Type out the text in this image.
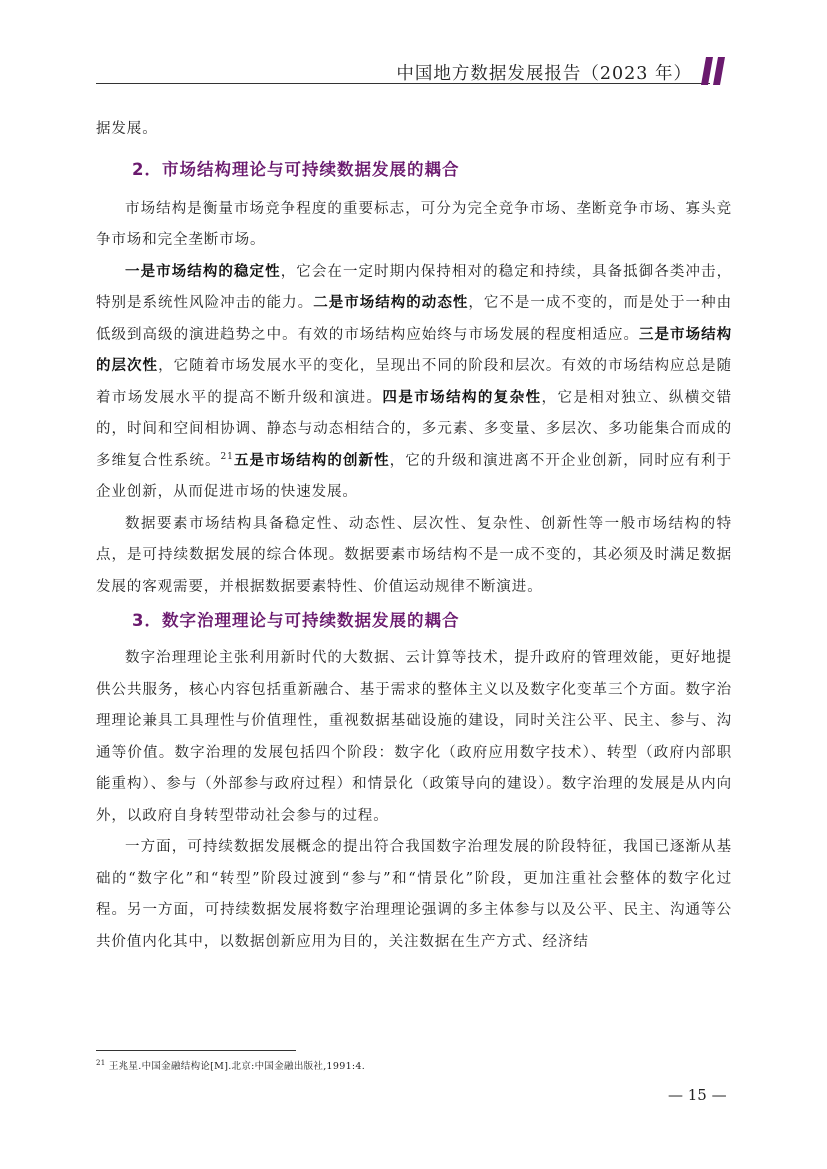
中国地方数据发展报告（2023 年）

据发展。

2．市场结构理论与可持续数据发展的耦合

市场结构是衡量市场竞争程度的重要标志，可分为完全竞争市场、垄断竞争市场、寡头竞争市场和完全垄断市场。

一是市场结构的稳定性，它会在一定时期内保持相对的稳定和持续，具备抵御各类冲击，特别是系统性风险冲击的能力。二是市场结构的动态性，它不是一成不变的，而是处于一种由低级到高级的演进趋势之中。有效的市场结构应始终与市场发展的程度相适应。三是市场结构的层次性，它随着市场发展水平的变化，呈现出不同的阶段和层次。有效的市场结构应总是随着市场发展水平的提高不断升级和演进。四是市场结构的复杂性，它是相对独立、纵横交错的，时间和空间相协调、静态与动态相结合的，多元素、多变量、多层次、多功能集合而成的多维复合性系统。$^{21}$五是市场结构的创新性，它的升级和演进离不开企业创新，同时应有利于企业创新，从而促进市场的快速发展。

数据要素市场结构具备稳定性、动态性、层次性、复杂性、创新性等一般市场结构的特点，是可持续数据发展的综合体现。数据要素市场结构不是一成不变的，其必须及时满足数据发展的客观需要，并根据数据要素特性、价值运动规律不断演进。

3．数字治理理论与可持续数据发展的耦合

数字治理理论主张利用新时代的大数据、云计算等技术，提升政府的管理效能，更好地提供公共服务，核心内容包括重新融合、基于需求的整体主义以及数字化变革三个方面。数字治理理论兼具工具理性与价值理性，重视数据基础设施的建设，同时关注公平、民主、参与、沟通等价值。数字治理的发展包括四个阶段：数字化（政府应用数字技术）、转型（政府内部职能重构）、参与（外部参与政府过程）和情景化（政策导向的建设）。数字治理的发展是从内向外，以政府自身转型带动社会参与的过程。

一方面，可持续数据发展概念的提出符合我国数字治理发展的阶段特征，我国已逐渐从基础的“数字化”和“转型”阶段过渡到“参与”和“情景化”阶段，更加注重社会整体的数字化过程。另一方面，可持续数据发展将数字治理理论强调的多主体参与以及公平、民主、沟通等公共价值内化其中，以数据创新应用为目的，关注数据在生产方式、经济结

$^{21}$ 王兆星.中国金融结构论[M].北京:中国金融出版社,1991:4.
— 15 —
